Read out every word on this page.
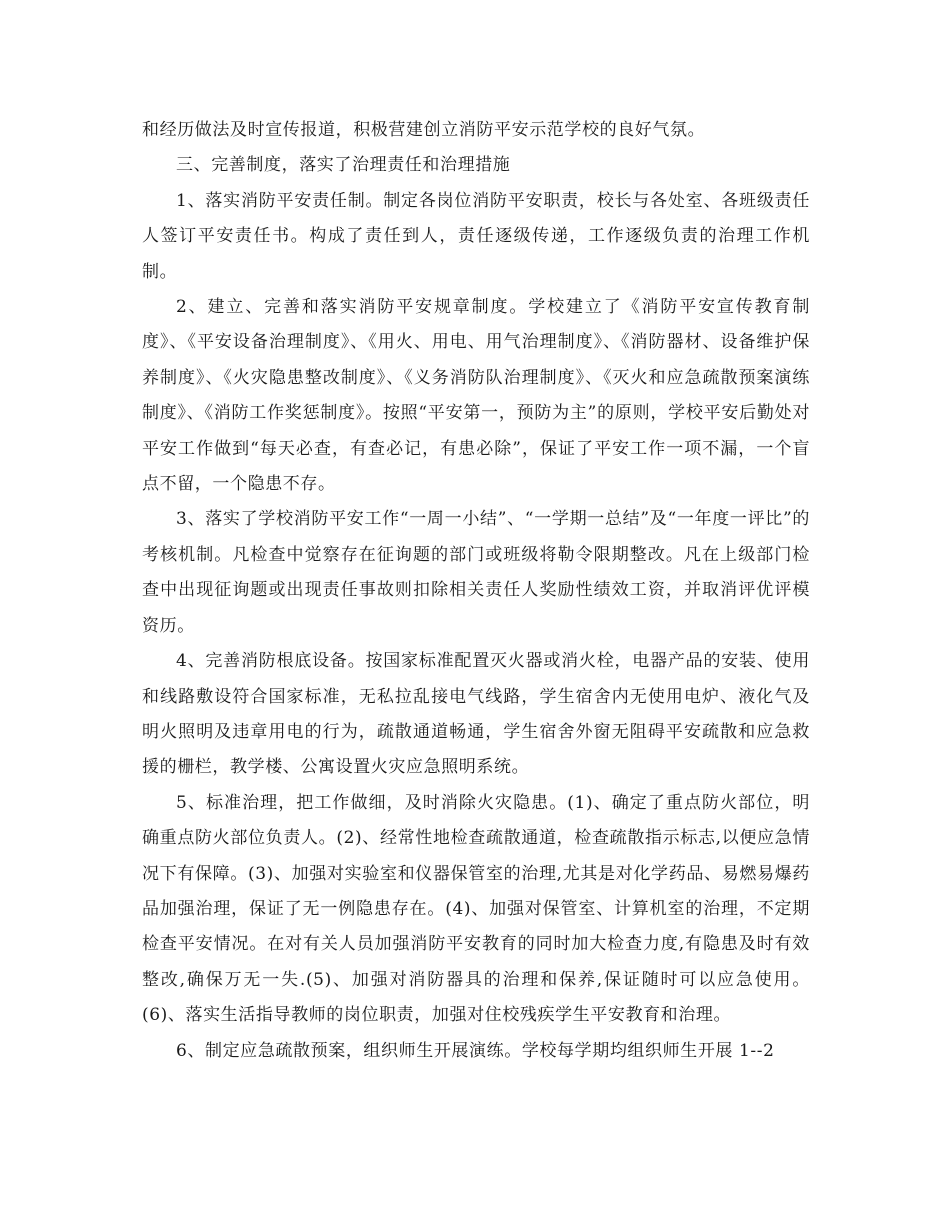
和经历做法及时宣传报道，积极营建创立消防平安示范学校的良好气氛。

三、完善制度，落实了治理责任和治理措施

1、落实消防平安责任制。制定各岗位消防平安职责，校长与各处室、各班级责任人签订平安责任书。构成了责任到人，责任逐级传递，工作逐级负责的治理工作机制。

2、建立、完善和落实消防平安规章制度。学校建立了《消防平安宣传教育制度》、《平安设备治理制度》、《用火、用电、用气治理制度》、《消防器材、设备维护保养制度》、《火灾隐患整改制度》、《义务消防队治理制度》、《灭火和应急疏散预案演练制度》、《消防工作奖惩制度》。按照“平安第一，预防为主”的原则，学校平安后勤处对平安工作做到“每天必查，有查必记，有患必除”，保证了平安工作一项不漏，一个盲点不留，一个隐患不存。

3、落实了学校消防平安工作“一周一小结”、“一学期一总结”及“一年度一评比”的考核机制。凡检查中觉察存在征询题的部门或班级将勒令限期整改。凡在上级部门检查中出现征询题或出现责任事故则扣除相关责任人奖励性绩效工资，并取消评优评模资历。

4、完善消防根底设备。按国家标准配置灭火器或消火栓，电器产品的安装、使用和线路敷设符合国家标准，无私拉乱接电气线路，学生宿舍内无使用电炉、液化气及明火照明及违章用电的行为，疏散通道畅通，学生宿舍外窗无阻碍平安疏散和应急救援的栅栏，教学楼、公寓设置火灾应急照明系统。

5、标准治理，把工作做细，及时消除火灾隐患。(1)、确定了重点防火部位，明确重点防火部位负责人。(2)、经常性地检查疏散通道，检查疏散指示标志,以便应急情况下有保障。(3)、加强对实验室和仪器保管室的治理,尤其是对化学药品、易燃易爆药品加强治理，保证了无一例隐患存在。(4)、加强对保管室、计算机室的治理，不定期检查平安情况。在对有关人员加强消防平安教育的同时加大检查力度,有隐患及时有效整改,确保万无一失.(5)、加强对消防器具的治理和保养,保证随时可以应急使用。(6)、落实生活指导教师的岗位职责，加强对住校残疾学生平安教育和治理。

6、制定应急疏散预案，组织师生开展演练。学校每学期均组织师生开展 1--2
